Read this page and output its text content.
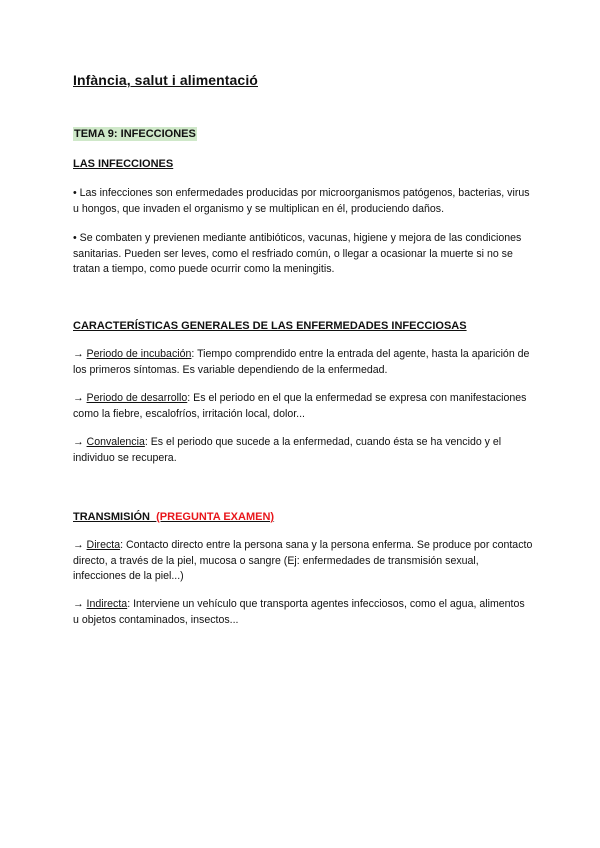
Infància, salut i alimentació
TEMA 9: INFECCIONES
LAS INFECCIONES

• Las infecciones son enfermedades producidas por microorganismos patógenos, bacterias, virus u hongos, que invaden el organismo y se multiplican en él, produciendo daños.

• Se combaten y previenen mediante antibióticos, vacunas, higiene y mejora de las condiciones sanitarias. Pueden ser leves, como el resfriado común, o llegar a ocasionar la muerte si no se tratan a tiempo, como puede ocurrir como la meningitis.

CARACTERÍSTICAS GENERALES DE LAS ENFERMEDADES INFECCIOSAS

→ Periodo de incubación: Tiempo comprendido entre la entrada del agente, hasta la aparición de los primeros síntomas. Es variable dependiendo de la enfermedad.

→ Periodo de desarrollo: Es el periodo en el que la enfermedad se expresa con manifestaciones como la fiebre, escalofríos, irritación local, dolor...

→ Convalencia: Es el periodo que sucede a la enfermedad, cuando ésta se ha vencido y el individuo se recupera.

TRANSMISIÓN (PREGUNTA EXAMEN)

→ Directa: Contacto directo entre la persona sana y la persona enferma. Se produce por contacto directo, a través de la piel, mucosa o sangre (Ej: enfermedades de transmisión sexual, infecciones de la piel...)

→ Indirecta: Interviene un vehículo que transporta agentes infecciosos, como el agua, alimentos u objetos contaminados, insectos...
